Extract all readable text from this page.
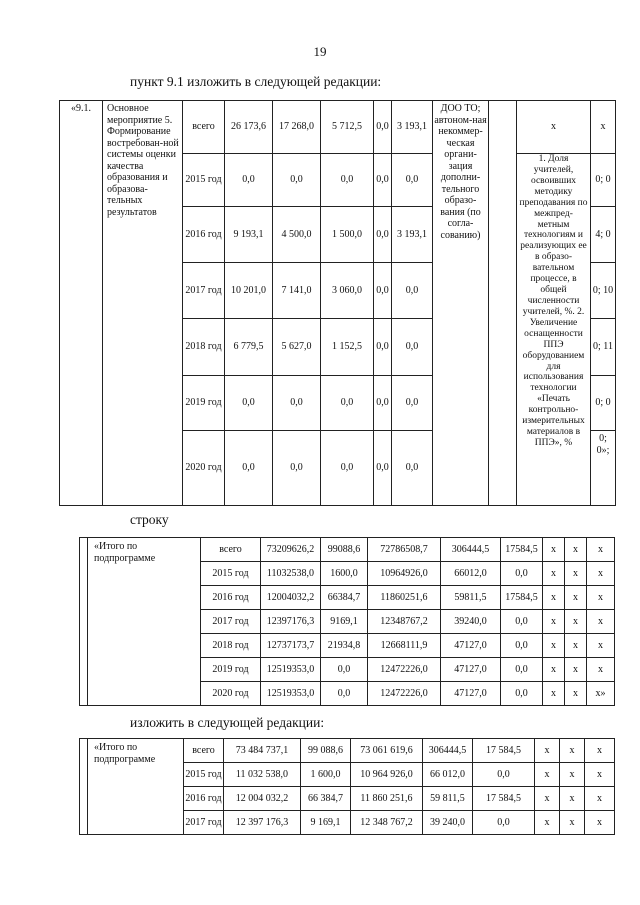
19
пункт 9.1 изложить в следующей редакции:
«9.1.	Основное мероприятие 5. Формирование востребован-ной системы оценки качества образования и образова-тельных результатов	всего	26 173,6	17 268,0	5 712,5	0,0	3 193,1	ДОО ТО; автоном-ная некоммер-ческая органи-зация дополни-тельного образо-вания (по согла-сованию)		х	х
		2015 год	0,0	0,0	0,0	0,0	0,0			1. Доля учителей, освоивших методику преподавания по межпред-метным технологиям и реализующих ее в образо-вательном процессе, в общей численности учителей, %. 2. Увеличение оснащенности ППЭ оборудованием для использования технологии «Печать контрольно-измерительных материалов в ППЭ», %	0; 0
		2016 год	9 193,1	4 500,0	1 500,0	0,0	3 193,1				4; 0
		2017 год	10 201,0	7 141,0	3 060,0	0,0	0,0				0; 10
		2018 год	6 779,5	5 627,0	1 152,5	0,0	0,0				0; 11
		2019 год	0,0	0,0	0,0	0,0	0,0				0; 0
		2020 год	0,0	0,0	0,0	0,0	0,0				0; 0»;
строку
	«Итого по подпрограмме	всего	73209626,2	99088,6	72786508,7	306444,5	17584,5	х	х	х
		2015 год	11032538,0	1600,0	10964926,0	66012,0	0,0	х	х	х
		2016 год	12004032,2	66384,7	11860251,6	59811,5	17584,5	х	х	х
		2017 год	12397176,3	9169,1	12348767,2	39240,0	0,0	х	х	х
		2018 год	12737173,7	21934,8	12668111,9	47127,0	0,0	х	х	х
		2019 год	12519353,0	0,0	12472226,0	47127,0	0,0	х	х	х
		2020 год	12519353,0	0,0	12472226,0	47127,0	0,0	х	х	х»
изложить в следующей редакции:
	«Итого по подпрограмме	всего	73 484 737,1	99 088,6	73 061 619,6	306444,5	17 584,5	х	х	х
		2015 год	11 032 538,0	1 600,0	10 964 926,0	66 012,0	0,0	х	х	х
		2016 год	12 004 032,2	66 384,7	11 860 251,6	59 811,5	17 584,5	х	х	х
		2017 год	12 397 176,3	9 169,1	12 348 767,2	39 240,0	0,0	х	х	х
